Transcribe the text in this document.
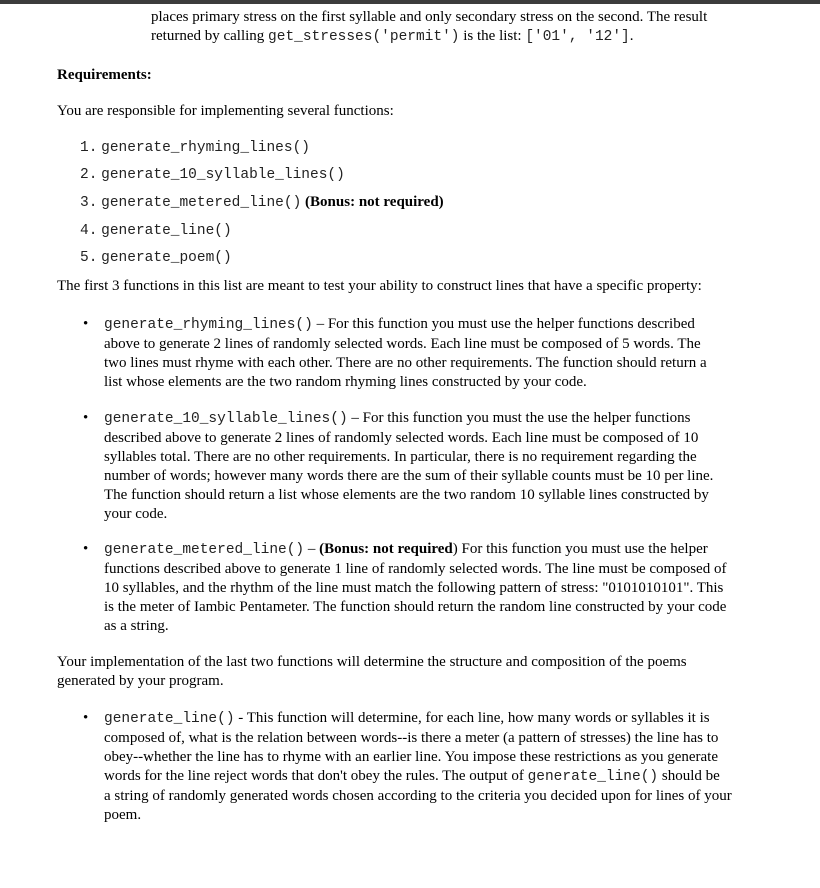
places primary stress on the first syllable and only secondary stress on the second. The result
returned by calling get_stresses('permit') is the list: ['01', '12'].
Requirements:
You are responsible for implementing several functions:
1. generate_rhyming_lines()
2. generate_10_syllable_lines()
3. generate_metered_line() (Bonus: not required)
4. generate_line()
5. generate_poem()
The first 3 functions in this list are meant to test your ability to construct lines that have a specific property:
• generate_rhyming_lines() – For this function you must use the helper functions described
above to generate 2 lines of randomly selected words. Each line must be composed of 5 words. The
two lines must rhyme with each other. There are no other requirements. The function should return a
list whose elements are the two random rhyming lines constructed by your code.
• generate_10_syllable_lines() – For this function you must the use the helper functions
described above to generate 2 lines of randomly selected words. Each line must be composed of 10
syllables total. There are no other requirements. In particular, there is no requirement regarding the
number of words; however many words there are the sum of their syllable counts must be 10 per line.
The function should return a list whose elements are the two random 10 syllable lines constructed by
your code.
• generate_metered_line() – (Bonus: not required) For this function you must use the helper
functions described above to generate 1 line of randomly selected words. The line must be composed of
10 syllables, and the rhythm of the line must match the following pattern of stress: "0101010101". This
is the meter of Iambic Pentameter. The function should return the random line constructed by your code
as a string.
Your implementation of the last two functions will determine the structure and composition of the poems
generated by your program.
• generate_line() - This function will determine, for each line, how many words or syllables it is
composed of, what is the relation between words--is there a meter (a pattern of stresses) the line has to
obey--whether the line has to rhyme with an earlier line. You impose these restrictions as you generate
words for the line reject words that don't obey the rules. The output of generate_line() should be
a string of randomly generated words chosen according to the criteria you decided upon for lines of your
poem.
